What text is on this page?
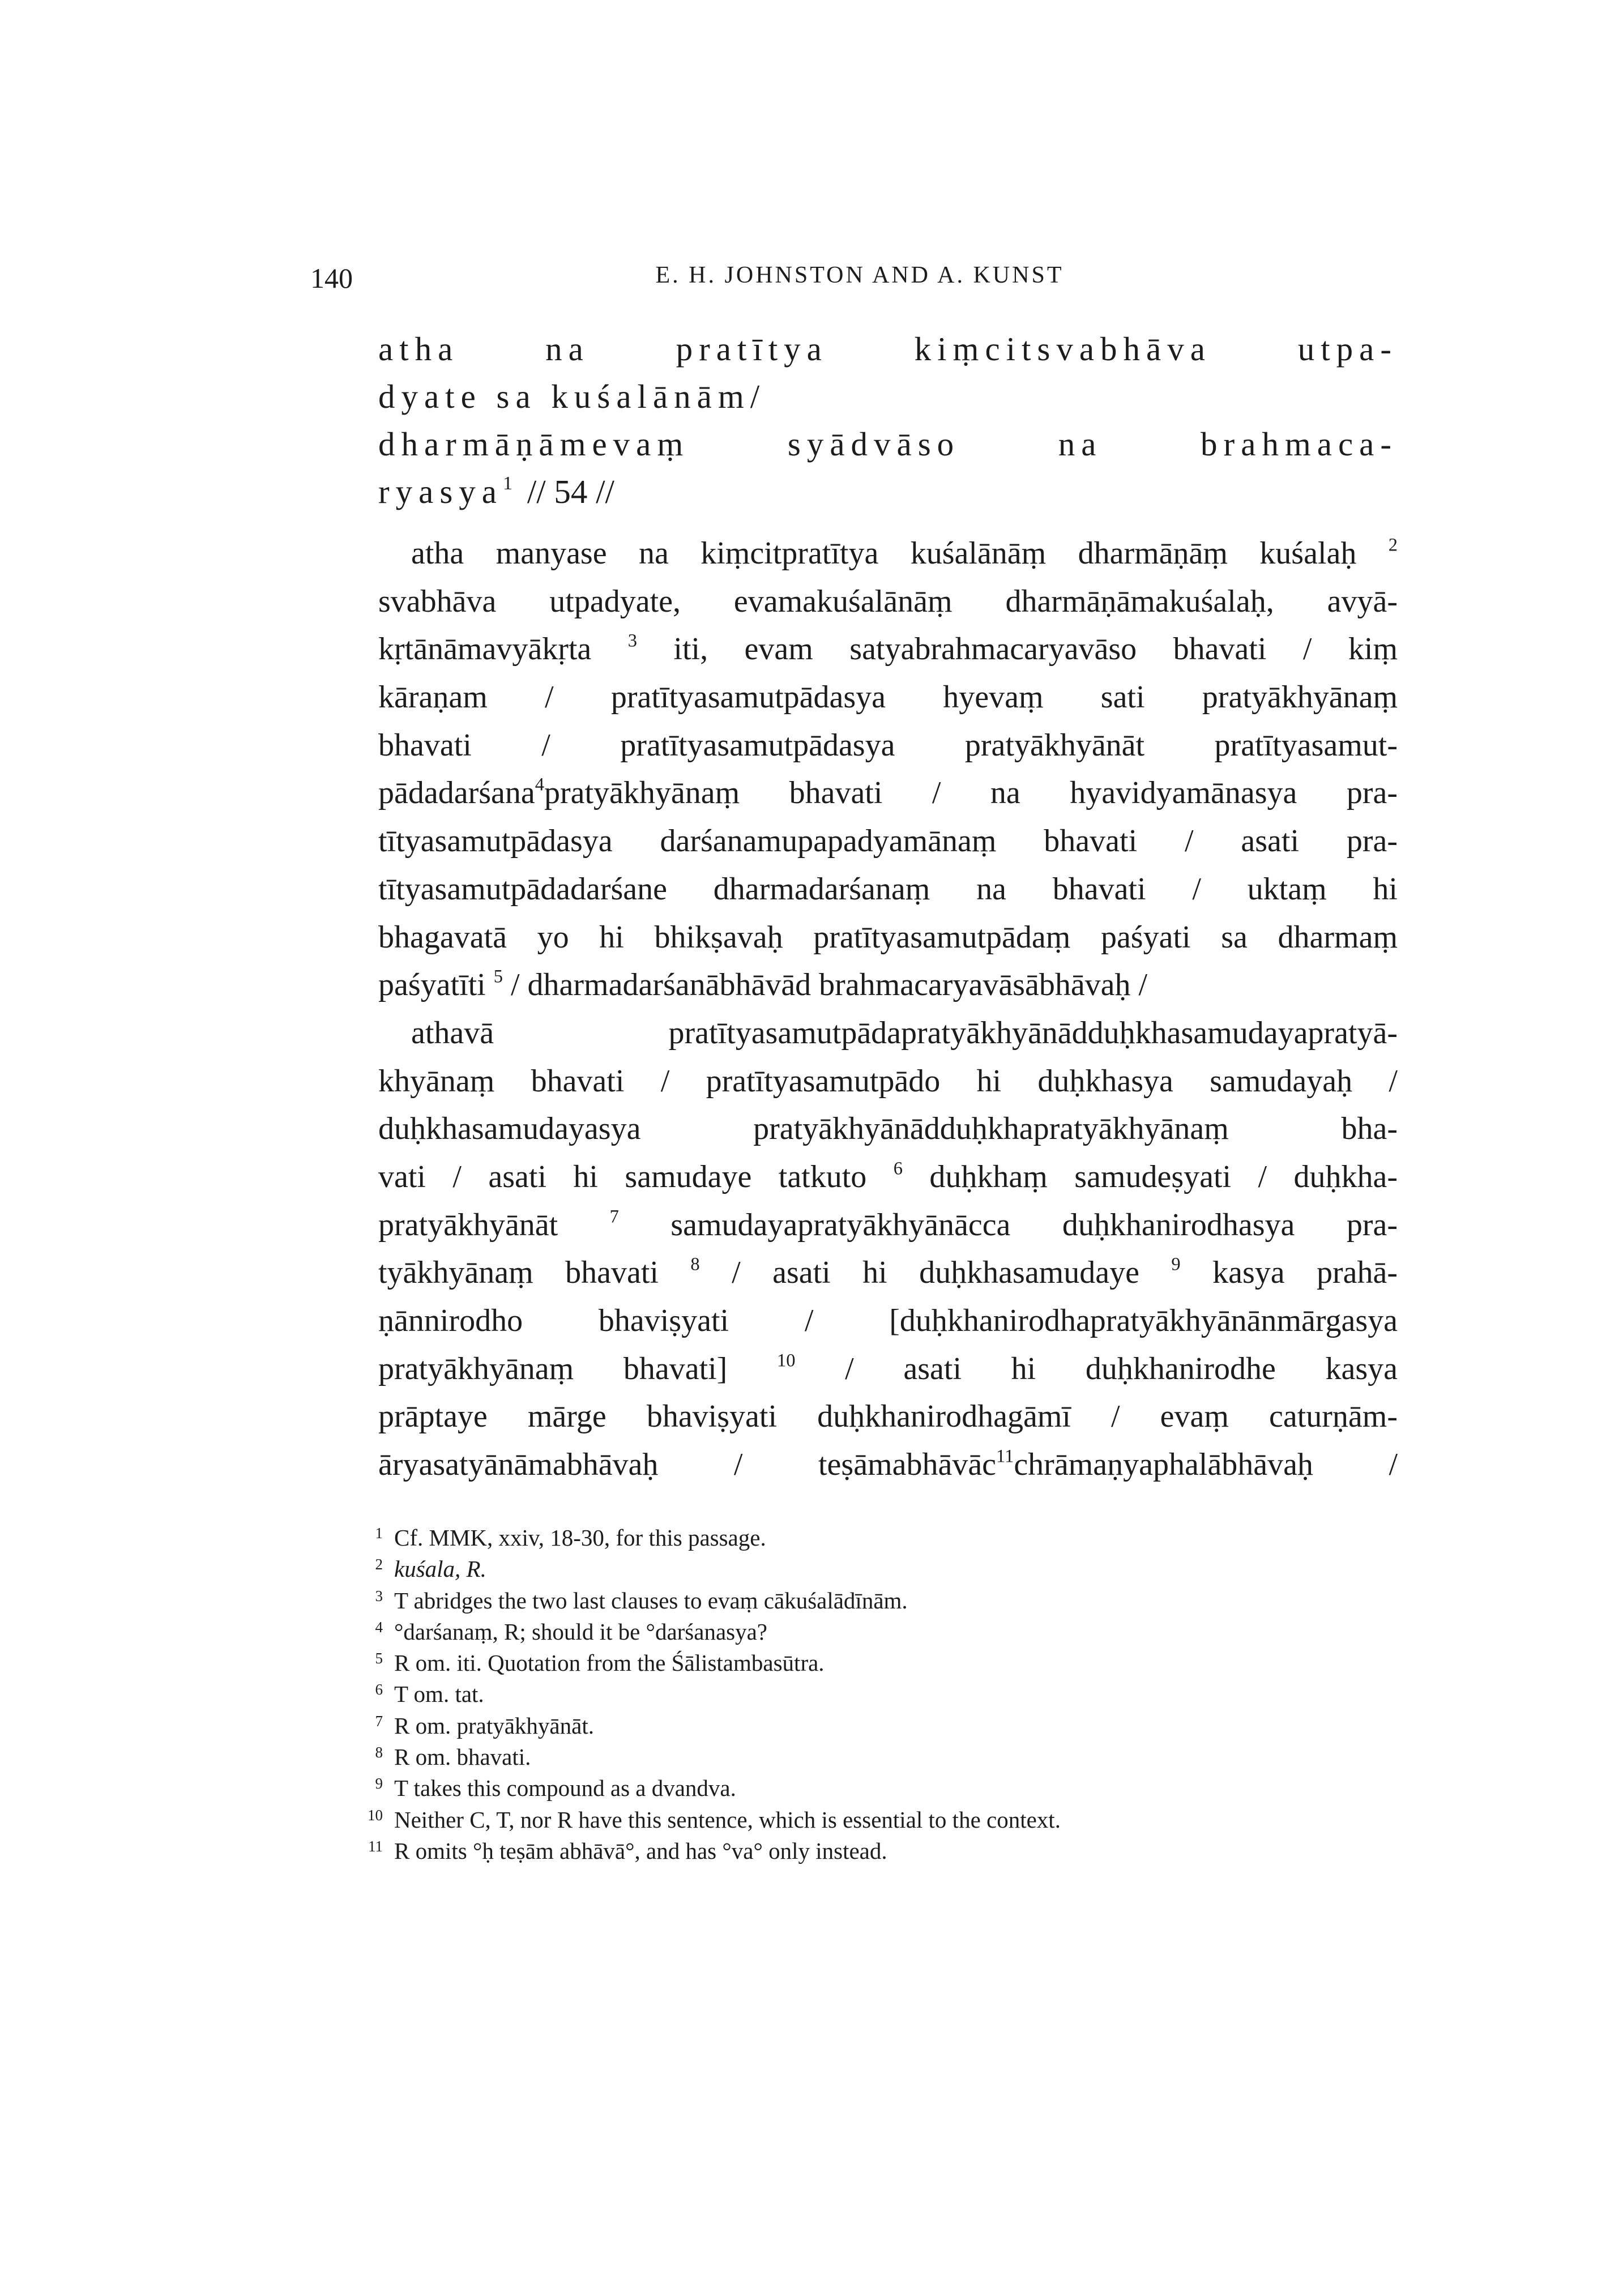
140	E. H. JOHNSTON AND A. KUNST
atha na pratītya kiṃcitsvabhāva utpa-
dyate sa kuśalānām/
dharmāṇāmevaṃ syādvāso na brahmaca-
ryasya$^1$ // 54 //
atha manyase na kiṃcitpratītya kuśalānāṃ dharmāṇāṃ kuśalaḥ $^2$
svabhāva utpadyate, evamakuśalānāṃ dharmāṇāmakuśalaḥ, avyā-
kṛtānāmavyākṛta $^3$ iti, evam satyabrahmacaryavāso bhavati / kiṃ
kāraṇam / pratītyasamutpādasya hyevaṃ sati pratyākhyānaṃ
bhavati / pratītyasamutpādasya pratyākhyānāt pratītyasamut-
pādadarśana$^4$pratyākhyānaṃ bhavati / na hyavidyamānasya pra-
tītyasamutpādasya darśanamupapadyamānaṃ bhavati / asati pra-
tītyasamutpādadarśane dharmadarśanaṃ na bhavati / uktaṃ hi
bhagavatā yo hi bhikṣavaḥ pratītyasamutpādaṃ paśyati sa dharmaṃ
paśyatīti $^5$ / dharmadarśanābhāvād brahmacaryavāsābhāvaḥ /
athavā pratītyasamutpādapratyākhyānādduḥkhasamudayapratyā-
khyānaṃ bhavati / pratītyasamutpādo hi duḥkhasya samudayaḥ /
duḥkhasamudayasya pratyākhyānādduḥkhapratyākhyānaṃ bha-
vati / asati hi samudaye tatkuto $^6$ duḥkhaṃ samudeṣyati / duḥkha-
pratyākhyānāt	$^7$ samudayapratyākhyānācca duḥkhanirodhasya pra-
tyākhyānaṃ bhavati $^8$ / asati hi duḥkhasamudaye $^9$ kasya prahā-
ṇānnirodho bhaviṣyati / [duḥkhanirodhapratyākhyānānmārgasya
pratyākhyānaṃ bhavati]	$^{10}$ / asati hi duḥkhanirodhe kasya
prāptaye mārge bhaviṣyati duḥkhanirodhagāmī / evaṃ caturṇām-
āryasatyānāmabhāvaḥ / teṣāmabhāvāc$^{11}$chrāmaṇyaphalābhāvaḥ /
1 Cf. MMK, xxiv, 18-30, for this passage.
2 kuśala, R.
3 T abridges the two last clauses to evaṃ cākuśalādīnām.
4 °darśanaṃ, R; should it be °darśanasya?
5 R om. iti. Quotation from the Śālistambasūtra.
6 T om. tat.
7 R om. pratyākhyānāt.
8 R om. bhavati.
9 T takes this compound as a dvandva.
10 Neither C, T, nor R have this sentence, which is essential to the context.
11 R omits °ḥ teṣām abhāvā°, and has °va° only instead.
